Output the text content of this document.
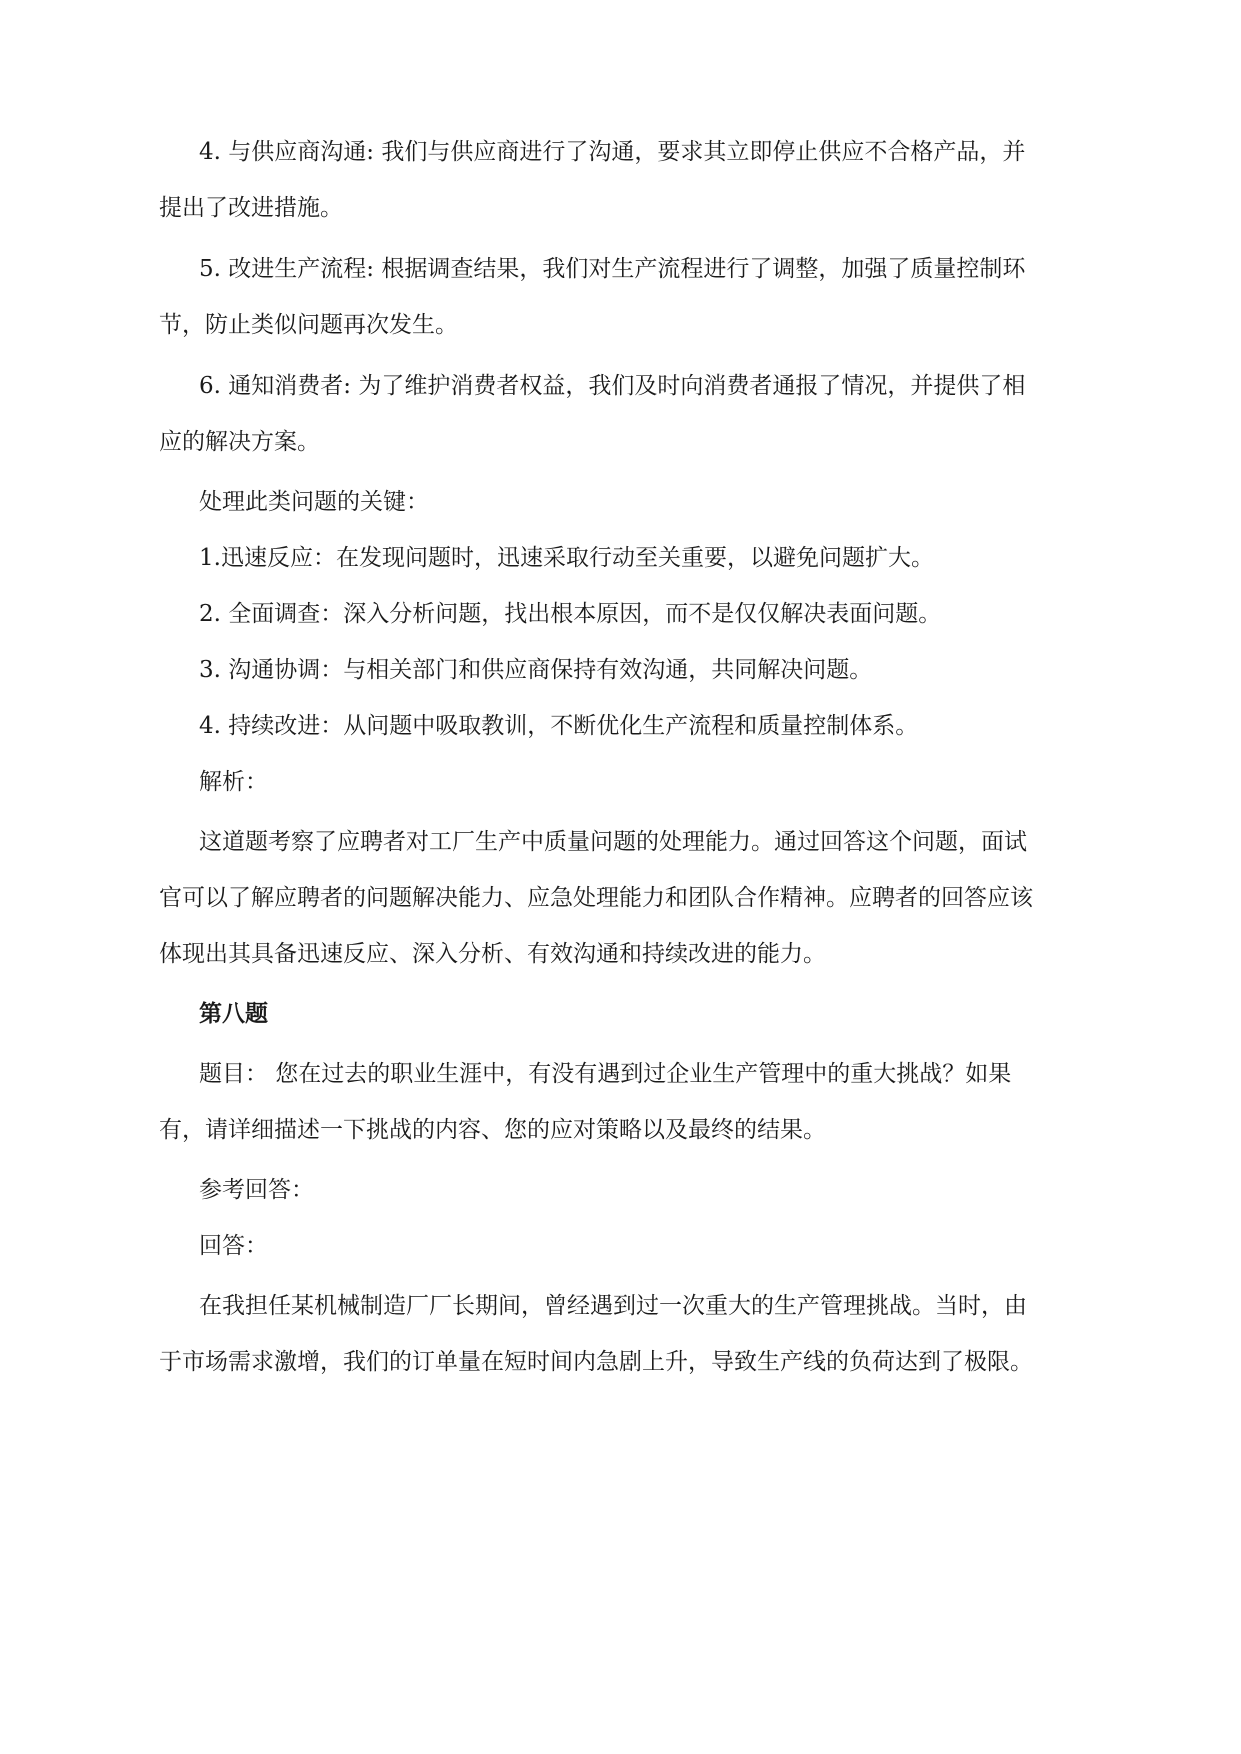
4. 与供应商沟通: 我们与供应商进行了沟通，要求其立即停止供应不合格产品，并
提出了改进措施。
5. 改进生产流程: 根据调查结果，我们对生产流程进行了调整，加强了质量控制环
节，防止类似问题再次发生。
6. 通知消费者: 为了维护消费者权益，我们及时向消费者通报了情况，并提供了相
应的解决方案。
处理此类问题的关键：
1.迅速反应：在发现问题时，迅速采取行动至关重要，以避免问题扩大。
2. 全面调查：深入分析问题，找出根本原因，而不是仅仅解决表面问题。
3. 沟通协调：与相关部门和供应商保持有效沟通，共同解决问题。
4. 持续改进：从问题中吸取教训，不断优化生产流程和质量控制体系。
解析：
这道题考察了应聘者对工厂生产中质量问题的处理能力。通过回答这个问题，面试
官可以了解应聘者的问题解决能力、应急处理能力和团队合作精神。应聘者的回答应该
体现出其具备迅速反应、深入分析、有效沟通和持续改进的能力。
第八题
题目： 您在过去的职业生涯中，有没有遇到过企业生产管理中的重大挑战？如果
有，请详细描述一下挑战的内容、您的应对策略以及最终的结果。
参考回答：
回答：
在我担任某机械制造厂厂长期间，曾经遇到过一次重大的生产管理挑战。当时，由
于市场需求激增，我们的订单量在短时间内急剧上升，导致生产线的负荷达到了极限。
